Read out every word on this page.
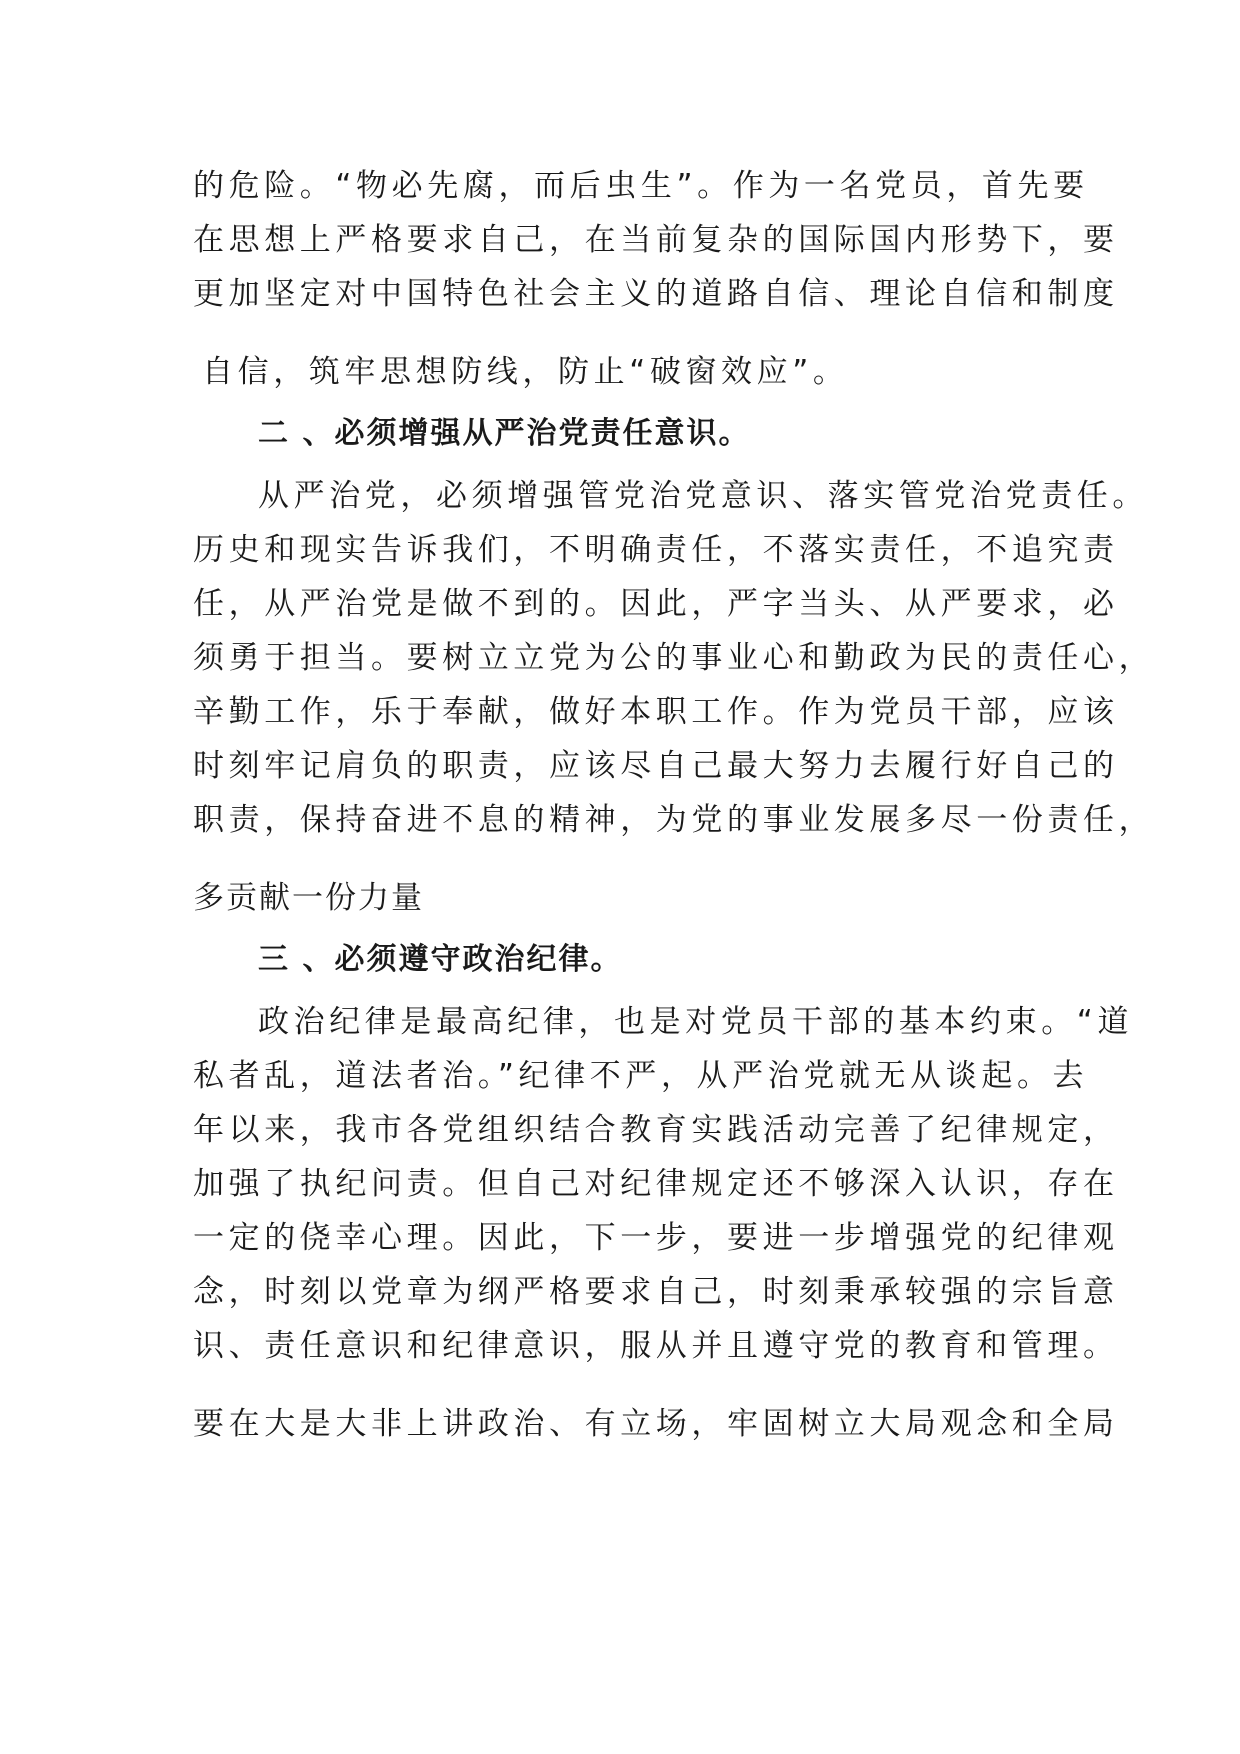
的危险。“物必先腐，而后虫生”。作为一名党员，首先要
在思想上严格要求自己，在当前复杂的国际国内形势下，要
更加坚定对中国特色社会主义的道路自信、理论自信和制度
自信，筑牢思想防线，防止“破窗效应”。
二 、必须增强从严治党责任意识。
从严治党，必须增强管党治党意识、落实管党治党责任。
历史和现实告诉我们，不明确责任，不落实责任，不追究责
任，从严治党是做不到的。因此，严字当头、从严要求，必
须勇于担当。要树立立党为公的事业心和勤政为民的责任心，
辛勤工作，乐于奉献，做好本职工作。作为党员干部，应该
时刻牢记肩负的职责，应该尽自己最大努力去履行好自己的
职责，保持奋进不息的精神，为党的事业发展多尽一份责任，
多贡献一份力量
三 、必须遵守政治纪律。
政治纪律是最高纪律，也是对党员干部的基本约束。“道
私者乱，道法者治。”纪律不严，从严治党就无从谈起。去
年以来，我市各党组织结合教育实践活动完善了纪律规定，
加强了执纪问责。但自己对纪律规定还不够深入认识，存在
一定的侥幸心理。因此，下一步，要进一步增强党的纪律观
念，时刻以党章为纲严格要求自己，时刻秉承较强的宗旨意
识、责任意识和纪律意识，服从并且遵守党的教育和管理。
要在大是大非上讲政治、有立场，牢固树立大局观念和全局
